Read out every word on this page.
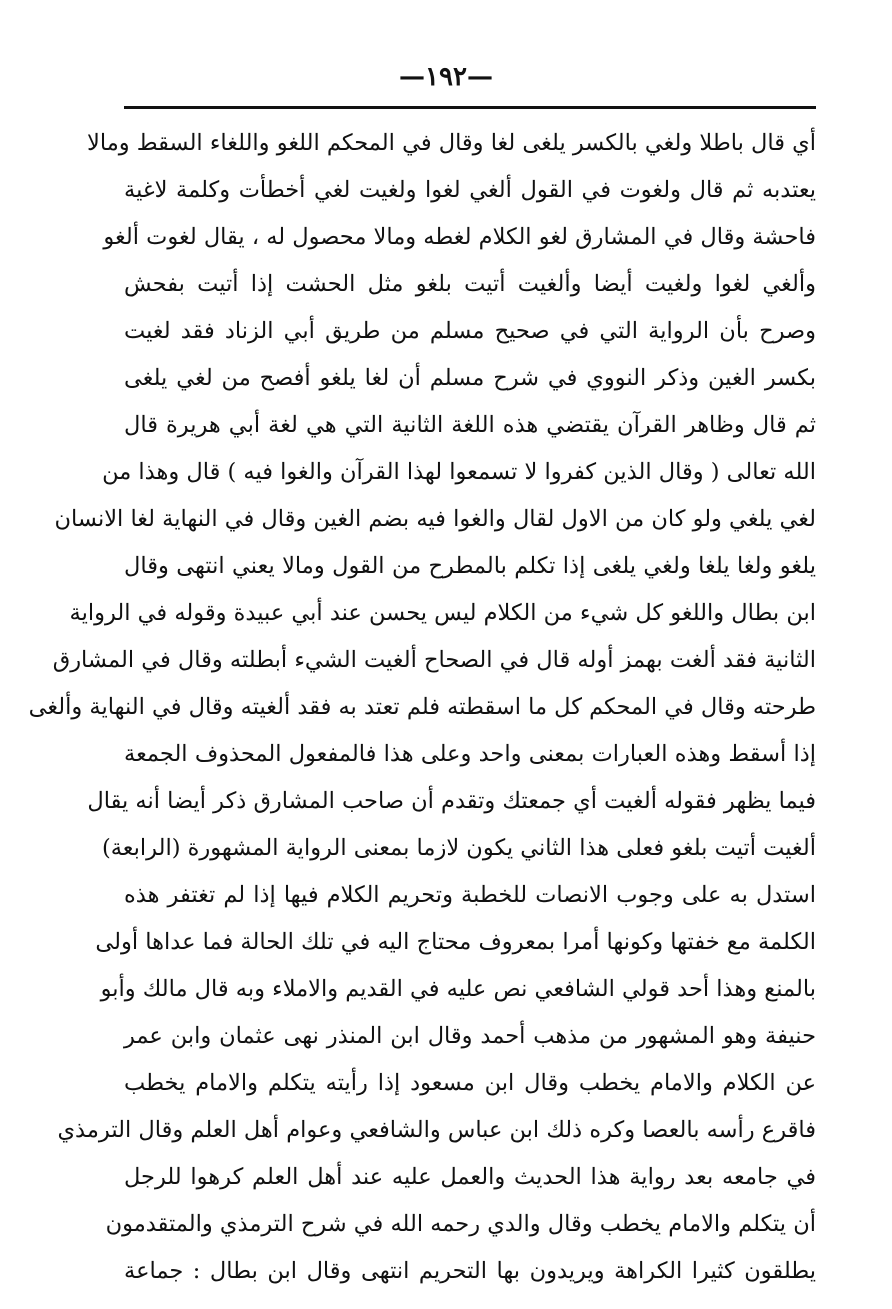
—١٩٢—
أي قال باطلا ولغي بالكسر يلغى لغا وقال في المحكم اللغو واللغاء السقط ومالا
يعتدبه ثم قال ولغوت في القول ألغي لغوا ولغيت لغي أخطأت وكلمة لاغية
فاحشة وقال في المشارق لغو الكلام لغطه ومالا محصول له ، يقال لغوت ألغو
وألغي لغوا ولغيت أيضا وألغيت أتيت بلغو مثل الحشت إذا أتيت بفحش
وصرح بأن الرواية التي في صحيح مسلم من طريق أبي الزناد فقد لغيت
بكسر الغين وذكر النووي في شرح مسلم أن لغا يلغو أفصح من لغي يلغى
ثم قال وظاهر القرآن يقتضي هذه اللغة الثانية التي هي لغة أبي هريرة قال
الله تعالى ( وقال الذين كفروا لا تسمعوا لهذا القرآن والغوا فيه ) قال وهذا من
لغي يلغي ولو كان من الاول لقال والغوا فيه بضم الغين وقال في النهاية لغا الانسان
يلغو ولغا يلغا ولغي يلغى إذا تكلم بالمطرح من القول ومالا يعني انتهى وقال
ابن بطال واللغو كل شيء من الكلام ليس يحسن عند أبي عبيدة وقوله في الرواية
الثانية فقد ألغت بهمز أوله قال في الصحاح ألغيت الشيء أبطلته وقال في المشارق
طرحته وقال في المحكم كل ما اسقطته فلم تعتد به فقد ألغيته وقال في النهاية وألغى
إذا أسقط وهذه العبارات بمعنى واحد وعلى هذا فالمفعول المحذوف الجمعة
فيما يظهر فقوله ألغيت أي جمعتك وتقدم أن صاحب المشارق ذكر أيضا أنه يقال
ألغيت أتيت بلغو فعلى هذا الثاني يكون لازما بمعنى الرواية المشهورة (الرابعة)
استدل به على وجوب الانصات للخطبة وتحريم الكلام فيها إذا لم تغتفر هذه
الكلمة مع خفتها وكونها أمرا بمعروف محتاج اليه في تلك الحالة فما عداها أولى
بالمنع وهذا أحد قولي الشافعي نص عليه في القديم والاملاء وبه قال مالك وأبو
حنيفة وهو المشهور من مذهب أحمد وقال ابن المنذر نهى عثمان وابن عمر
عن الكلام والامام يخطب وقال ابن مسعود إذا رأيته يتكلم والامام يخطب
فاقرع رأسه بالعصا وكره ذلك ابن عباس والشافعي وعوام أهل العلم وقال الترمذي
في جامعه بعد رواية هذا الحديث والعمل عليه عند أهل العلم كرهوا للرجل
أن يتكلم والامام يخطب وقال والدي رحمه الله في شرح الترمذي والمتقدمون
يطلقون كثيرا الكراهة ويريدون بها التحريم انتهى وقال ابن بطال : جماعة
